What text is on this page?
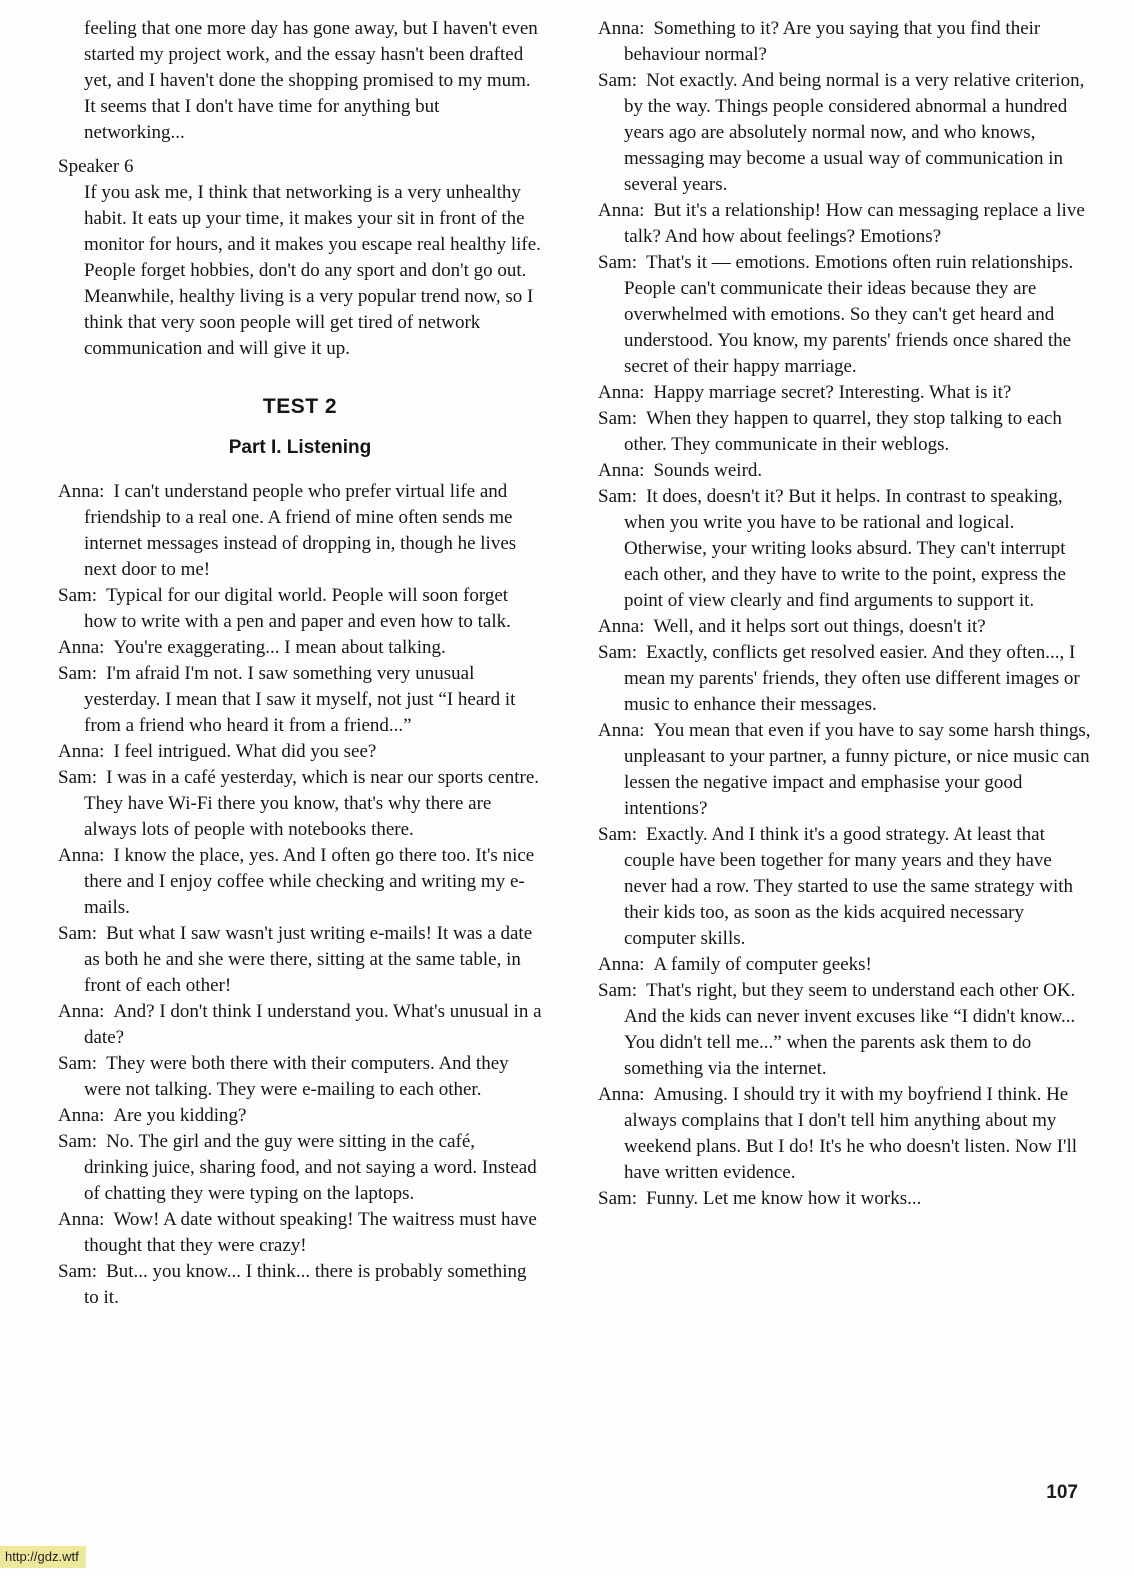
feeling that one more day has gone away, but I haven't even started my project work, and the essay hasn't been drafted yet, and I haven't done the shopping promised to my mum. It seems that I don't have time for anything but networking...

Speaker 6

If you ask me, I think that networking is a very unhealthy habit. It eats up your time, it makes your sit in front of the monitor for hours, and it makes you escape real healthy life. People forget hobbies, don't do any sport and don't go out. Meanwhile, healthy living is a very popular trend now, so I think that very soon people will get tired of network communication and will give it up.

TEST 2

Part I. Listening

Anna: I can't understand people who prefer virtual life and friendship to a real one. A friend of mine often sends me internet messages instead of dropping in, though he lives next door to me!

Sam: Typical for our digital world. People will soon forget how to write with a pen and paper and even how to talk.

Anna: You're exaggerating... I mean about talking.

Sam: I'm afraid I'm not. I saw something very unusual yesterday. I mean that I saw it myself, not just “I heard it from a friend who heard it from a friend...”

Anna: I feel intrigued. What did you see?

Sam: I was in a café yesterday, which is near our sports centre. They have Wi-Fi there you know, that's why there are always lots of people with notebooks there.

Anna: I know the place, yes. And I often go there too. It's nice there and I enjoy coffee while checking and writing my e-mails.

Sam: But what I saw wasn't just writing e-mails! It was a date as both he and she were there, sitting at the same table, in front of each other!

Anna: And? I don't think I understand you. What's unusual in a date?

Sam: They were both there with their computers. And they were not talking. They were e-mailing to each other.

Anna: Are you kidding?

Sam: No. The girl and the guy were sitting in the café, drinking juice, sharing food, and not saying a word. Instead of chatting they were typing on the laptops.

Anna: Wow! A date without speaking! The waitress must have thought that they were crazy!

Sam: But... you know... I think... there is probably something to it.

Anna: Something to it? Are you saying that you find their behaviour normal?

Sam: Not exactly. And being normal is a very relative criterion, by the way. Things people considered abnormal a hundred years ago are absolutely normal now, and who knows, messaging may become a usual way of communication in several years.

Anna: But it's a relationship! How can messaging replace a live talk? And how about feelings? Emotions?

Sam: That's it — emotions. Emotions often ruin relationships. People can't communicate their ideas because they are overwhelmed with emotions. So they can't get heard and understood. You know, my parents' friends once shared the secret of their happy marriage.

Anna: Happy marriage secret? Interesting. What is it?

Sam: When they happen to quarrel, they stop talking to each other. They communicate in their weblogs.

Anna: Sounds weird.

Sam: It does, doesn't it? But it helps. In contrast to speaking, when you write you have to be rational and logical. Otherwise, your writing looks absurd. They can't interrupt each other, and they have to write to the point, express the point of view clearly and find arguments to support it.

Anna: Well, and it helps sort out things, doesn't it?

Sam: Exactly, conflicts get resolved easier. And they often..., I mean my parents' friends, they often use different images or music to enhance their messages.

Anna: You mean that even if you have to say some harsh things, unpleasant to your partner, a funny picture, or nice music can lessen the negative impact and emphasise your good intentions?

Sam: Exactly. And I think it's a good strategy. At least that couple have been together for many years and they have never had a row. They started to use the same strategy with their kids too, as soon as the kids acquired necessary computer skills.

Anna: A family of computer geeks!

Sam: That's right, but they seem to understand each other OK. And the kids can never invent excuses like “I didn't know... You didn't tell me...” when the parents ask them to do something via the internet.

Anna: Amusing. I should try it with my boyfriend I think. He always complains that I don't tell him anything about my weekend plans. But I do! It's he who doesn't listen. Now I'll have written evidence.

Sam: Funny. Let me know how it works...

107
http://gdz.wtf
